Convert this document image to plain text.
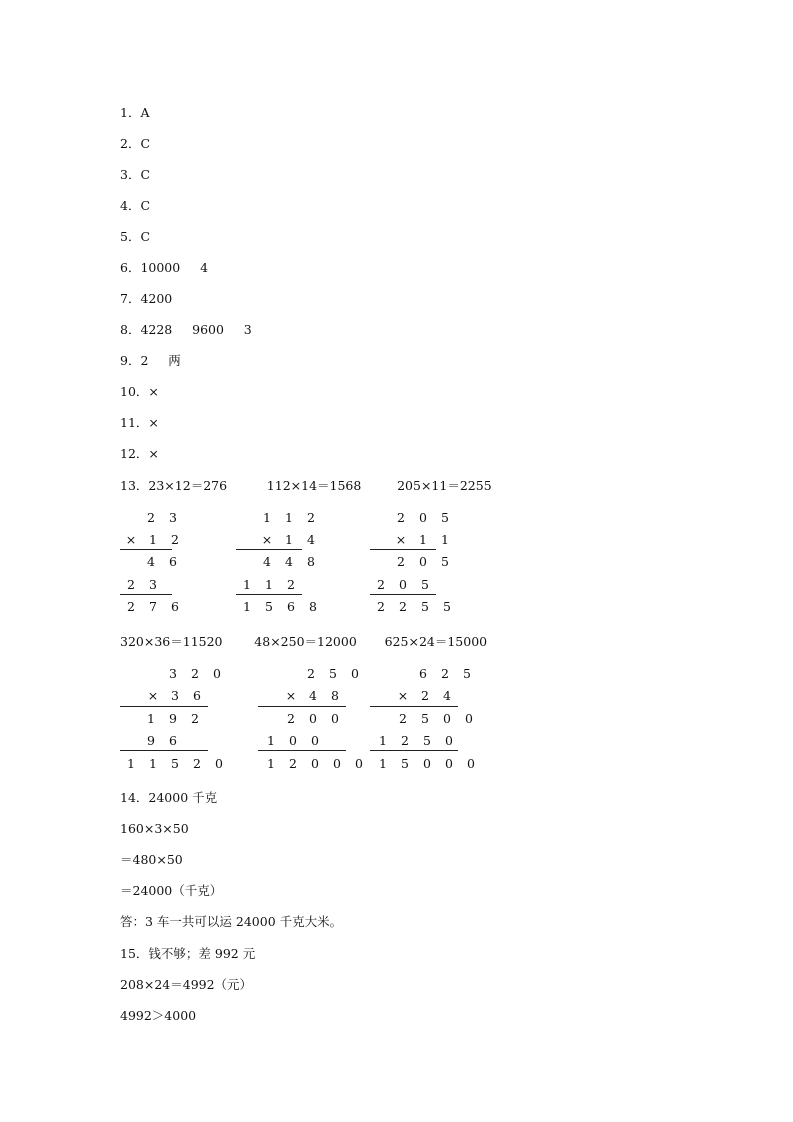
1．A
2．C
3．C
4．C
5．C
6．10000     4
7．4200
8．4228     9600     3
9．2     两
10．×
11．×
12．×
13．23×12＝276          112×14＝1568         205×11＝2255
2 3
× 1 2
4 6
2 3
2 7 6
1 1 2
× 1 4
4 4 8
1 1 2
1 5 6 8
2 0 5
× 1 1
2 0 5
2 0 5
2 2 5 5
320×36＝11520        48×250＝12000       625×24＝15000
3 2 0
× 3 6
1 9 2
9 6
1 1 5 2 0
2 5 0
× 4 8
2 0 0
1 0 0
1 2 0 0 0
6 2 5
× 2 4
2 5 0 0
1 2 5 0
1 5 0 0 0
14．24000 千克
160×3×50
＝480×50
＝24000（千克）
答：3 车一共可以运 24000 千克大米。
15．钱不够；差 992 元
208×24＝4992（元）
4992＞4000
